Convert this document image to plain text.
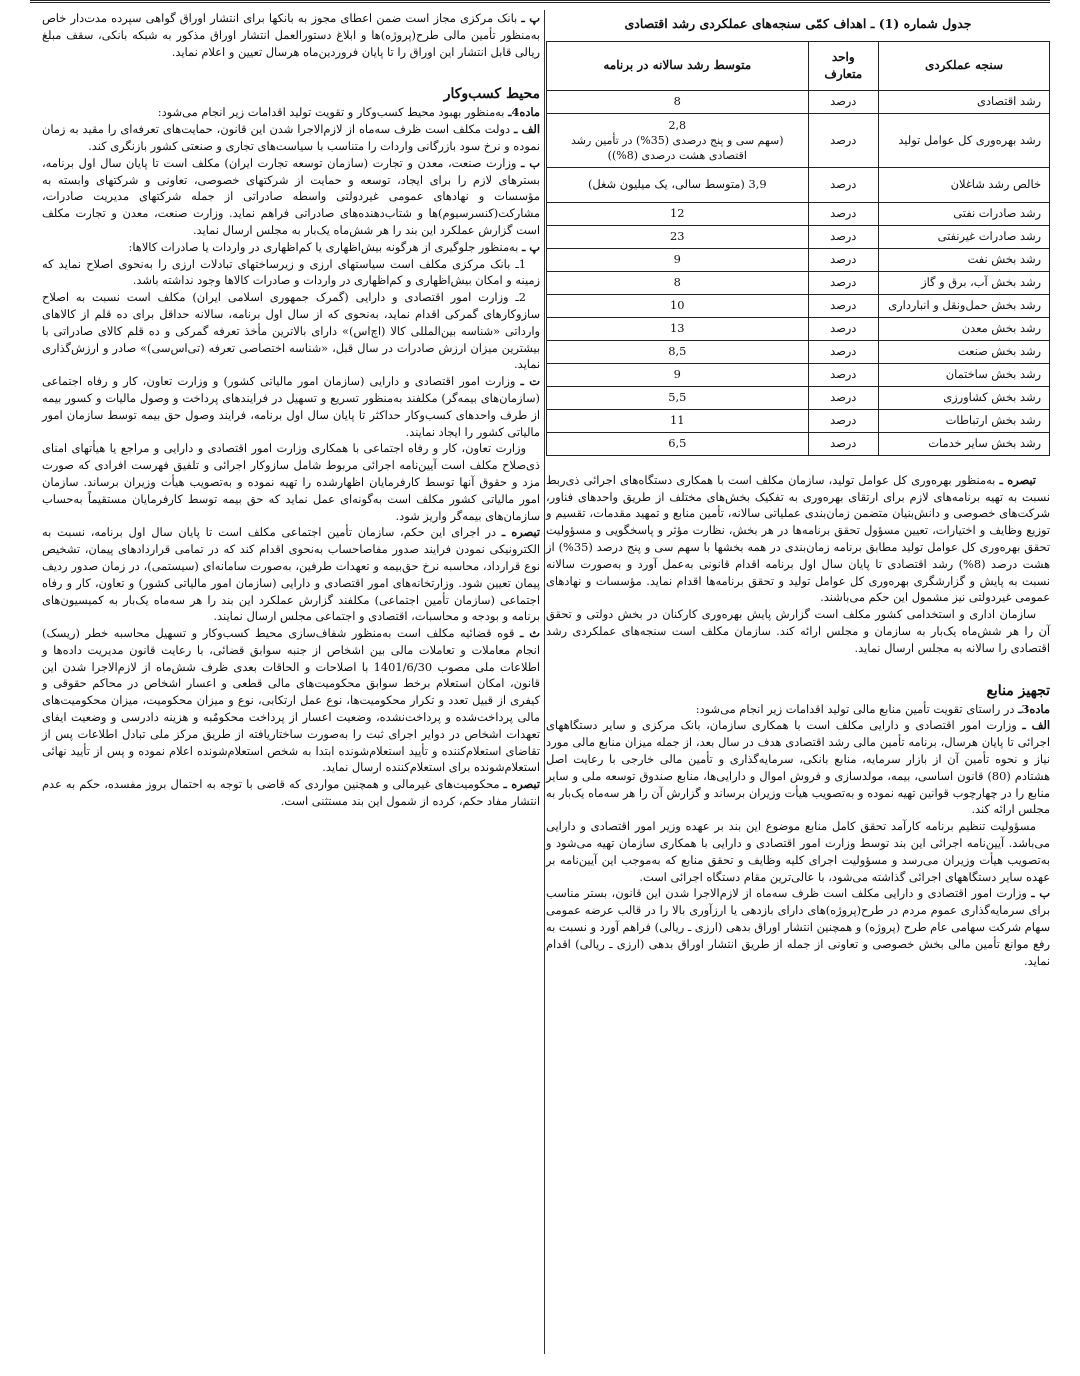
جدول شماره (1) ـ اهداف کمّی سنجه‌های عملکردی رشد اقتصادی
سنجه عملکردی	واحد متعارف	متوسط رشد سالانه در برنامه
رشد اقتصادی	درصد	8
رشد بهره‌وری کل عوامل تولید	درصد	2,8
(سهم سی و پنج درصدی (35%) در تأمین رشد اقتصادی هشت درصدی (8%))

خالص رشد شاغلان	درصد	3,9 (متوسط سالی، یک میلیون شغل)
رشد صادرات نفتی	درصد	12
رشد صادرات غیرنفتی	درصد	23
رشد بخش نفت	درصد	9
رشد بخش آب، برق و گاز	درصد	8
رشد بخش حمل‌ونقل و انبارداری	درصد	10
رشد بخش معدن	درصد	13
رشد بخش صنعت	درصد	8,5
رشد بخش ساختمان	درصد	9
رشد بخش کشاورزی	درصد	5,5
رشد بخش ارتباطات	درصد	11
رشد بخش سایر خدمات	درصد	6,5

تبصره ـ به‌منظور بهره‌وری کل عوامل تولید، سازمان مکلف است با همکاری دستگاه‌های اجرائی ذی‌ربط نسبت به تهیه برنامه‌های لازم برای ارتقای بهره‌وری به تفکیک بخش‌های مختلف از طریق واحدهای فناور، شرکت‌های خصوصی و دانش‌بنیان متضمن زمان‌بندی عملیاتی سالانه، تأمین منابع و تمهید مقدمات، تقسیم و توزیع وظایف و اختیارات، تعیین مسؤول تحقق برنامه‌ها در هر بخش، نظارت مؤثر و پاسخگویی و مسؤولیت تحقق بهره‌وری کل عوامل تولید مطابق برنامه زمان‌بندی در همه بخشها با سهم سی و پنج درصد (35%) از هشت درصد (8%) رشد اقتصادی تا پایان سال اول برنامه اقدام قانونی به‌عمل آورد و به‌صورت سالانه نسبت به پایش و گزارشگری بهره‌وری کل عوامل تولید و تحقق برنامه‌ها اقدام نماید. مؤسسات و نهادهای عمومی غیردولتی نیز مشمول این حکم می‌باشند.

سازمان اداری و استخدامی کشور مکلف است گزارش پایش بهره‌وری کارکنان در بخش دولتی و تحقق آن را هر شش‌ماه یک‌بار به سازمان و مجلس ارائه کند. سازمان مکلف است سنجه‌های عملکردی رشد اقتصادی را سالانه به مجلس ارسال نماید.

تجهیز منابع

ماده3ـ در راستای تقویت تأمین منابع مالی تولید اقدامات زیر انجام می‌شود:

الف ـ وزارت امور اقتصادی و دارایی مکلف است با همکاری سازمان، بانک مرکزی و سایر دستگاههای اجرائی تا پایان هرسال، برنامه تأمین مالی رشد اقتصادی هدف در سال بعد، از جمله میزان منابع مالی مورد نیاز و نحوه تأمین آن از بازار سرمایه، منابع بانکی، سرمایه‌گذاری و تأمین مالی خارجی با رعایت اصل هشتادم (80) قانون اساسی، بیمه، مولدسازی و فروش اموال و دارایی‌ها، منابع صندوق توسعه ملی و سایر منابع را در چهارچوب قوانین تهیه نموده و به‌تصویب هیأت وزیران برساند و گزارش آن را هر سه‌ماه یک‌بار به مجلس ارائه کند.

مسؤولیت تنظیم برنامه کارآمد تحقق کامل منابع موضوع این بند بر عهده وزیر امور اقتصادی و دارایی می‌باشد. آیین‌نامه اجرائی این بند توسط وزارت امور اقتصادی و دارایی با همکاری سازمان تهیه می‌شود و به‌تصویب هیأت وزیران می‌رسد و مسؤولیت اجرای کلیه وظایف و تحقق منابع که به‌موجب این آیین‌نامه بر عهده سایر دستگاههای اجرائی گذاشته می‌شود، با عالی‌ترین مقام دستگاه اجرائی است.

ب ـ وزارت امور اقتصادی و دارایی مکلف است ظرف سه‌ماه از لازم‌الاجرا شدن این قانون، بستر مناسب برای سرمایه‌گذاری عموم مردم در طرح(پروژه)های دارای بازدهی یا ارزآوری بالا را در قالب عرضه عمومی سهام شرکت سهامی عام طرح (پروژه) و همچنین انتشار اوراق بدهی (ارزی ـ ریالی) فراهم آورد و نسبت به رفع موانع تأمین مالی بخش خصوصی و تعاونی از جمله از طریق انتشار اوراق بدهی (ارزی ـ ریالی) اقدام نماید.

پ ـ بانک مرکزی مجاز است ضمن اعطای مجوز به بانکها برای انتشار اوراق گواهی سپرده مدت‌دار خاص به‌منظور تأمین مالی طرح(پروژه)ها و ابلاغ دستورالعمل انتشار اوراق مذکور به شبکه بانکی، سقف مبلغ ریالی قابل انتشار این اوراق را تا پایان فروردین‌ماه هرسال تعیین و اعلام نماید.

محیط کسب‌وکار

ماده4ـ به‌منظور بهبود محیط کسب‌وکار و تقویت تولید اقدامات زیر انجام می‌شود:

الف ـ دولت مکلف است ظرف سه‌ماه از لازم‌الاجرا شدن این قانون، حمایت‌های تعرفه‌ای را مقید به زمان نموده و نرخ سود بازرگانی واردات را متناسب با سیاست‌های تجاری و صنعتی کشور بازنگری کند.

ب ـ وزارت صنعت، معدن و تجارت (سازمان توسعه تجارت ایران) مکلف است تا پایان سال اول برنامه، بسترهای لازم را برای ایجاد، توسعه و حمایت از شرکتهای خصوصی، تعاونی و شرکتهای وابسته به مؤسسات و نهادهای عمومی غیردولتی واسطه صادراتی از جمله شرکتهای مدیریت صادرات، مشارکت(کنسرسیوم)ها و شتاب‌دهنده‌های صادراتی فراهم نماید. وزارت صنعت، معدن و تجارت مکلف است گزارش عملکرد این بند را هر شش‌ماه یک‌بار به مجلس ارسال نماید.

پ ـ به‌منظور جلوگیری از هرگونه بیش‌اظهاری یا کم‌اظهاری در واردات یا صادرات کالاها:

1ـ بانک مرکزی مکلف است سیاستهای ارزی و زیرساختهای تبادلات ارزی را به‌نحوی اصلاح نماید که زمینه و امکان بیش‌اظهاری و کم‌اظهاری در واردات و صادرات کالاها وجود نداشته باشد.

2ـ وزارت امور اقتصادی و دارایی (گمرک جمهوری اسلامی ایران) مکلف است نسبت به اصلاح سازوکارهای گمرکی اقدام نماید، به‌نحوی که از سال اول برنامه، سالانه حداقل برای ده قلم از کالاهای وارداتی «شناسه بین‌المللی کالا (اچ‌اس)» دارای بالاترین مأخذ تعرفه گمرکی و ده قلم کالای صادراتی با بیشترین میزان ارزش صادرات در سال قبل، «شناسه اختصاصی تعرفه (تی‌اس‌سی)» صادر و ارزش‌گذاری نماید.

ت ـ وزارت امور اقتصادی و دارایی (سازمان امور مالیاتی کشور) و وزارت تعاون، کار و رفاه اجتماعی (سازمان‌های بیمه‌گر) مکلفند به‌منظور تسریع و تسهیل در فرایندهای پرداخت و وصول مالیات و کسور بیمه از طرف واحدهای کسب‌وکار حداکثر تا پایان سال اول برنامه، فرایند وصول حق بیمه توسط سازمان امور مالیاتی کشور را ایجاد نمایند.

وزارت تعاون، کار و رفاه اجتماعی با همکاری وزارت امور اقتصادی و دارایی و مراجع یا هیأتهای امنای ذی‌صلاح مکلف است آیین‌نامه اجرائی مربوط شامل سازوکار اجرائی و تلفیق فهرست افرادی که صورت مزد و حقوق آنها توسط کارفرمایان اظهارشده را تهیه نموده و به‌تصویب هیأت وزیران برساند. سازمان امور مالیاتی کشور مکلف است به‌گونه‌ای عمل نماید که حق بیمه توسط کارفرمایان مستقیماً به‌حساب سازمان‌های بیمه‌گر واریز شود.

تبصره ـ در اجرای این حکم، سازمان تأمین اجتماعی مکلف است تا پایان سال اول برنامه، نسبت به الکترونیکی نمودن فرایند صدور مفاصاحساب به‌نحوی اقدام کند که در تمامی قراردادهای پیمان، تشخیص نوع قرارداد، محاسبه نرخ حق‌بیمه و تعهدات طرفین، به‌صورت سامانه‌ای (سیستمی)، در زمان صدور ردیف پیمان تعیین شود. وزارتخانه‌های امور اقتصادی و دارایی (سازمان امور مالیاتی کشور) و تعاون، کار و رفاه اجتماعی (سازمان تأمین اجتماعی) مکلفند گزارش عملکرد این بند را هر سه‌ماه یک‌بار به کمیسیون‌های برنامه و بودجه و محاسبات، اقتصادی و اجتماعی مجلس ارسال نمایند.

ث ـ قوه قضائیه مکلف است به‌منظور شفاف‌سازی محیط کسب‌وکار و تسهیل محاسبه خطر (ریسک) انجام معاملات و تعاملات مالی بین اشخاص از جنبه سوابق قضائی، با رعایت قانون مدیریت داده‌ها و اطلاعات ملی مصوب 1401/6/30 با اصلاحات و الحاقات بعدی ظرف شش‌ماه از لازم‌الاجرا شدن این قانون، امکان استعلام برخط سوابق محکومیت‌های مالی قطعی و اعسار اشخاص در محاکم حقوقی و کیفری از قبیل تعدد و تکرار محکومیت‌ها، نوع عمل ارتکابی، نوع و میزان محکومیت، میزان محکومیت‌های مالی پرداخت‌شده و پرداخت‌نشده، وضعیت اعسار از پرداخت محکومٌبه و هزینه دادرسی و وضعیت ایفای تعهدات اشخاص در دوایر اجرای ثبت را به‌صورت ساختاریافته از طریق مرکز ملی تبادل اطلاعات پس از تقاضای استعلام‌کننده و تأیید استعلام‌شونده ابتدا به شخص استعلام‌شونده اعلام نموده و پس از تأیید نهائی استعلام‌شونده برای استعلام‌کننده ارسال نماید.

تبصره ـ محکومیت‌های غیرمالی و همچنین مواردی که قاضی با توجه به احتمال بروز مفسده، حکم به عدم انتشار مفاد حکم، کرده از شمول این بند مستثنی است.
